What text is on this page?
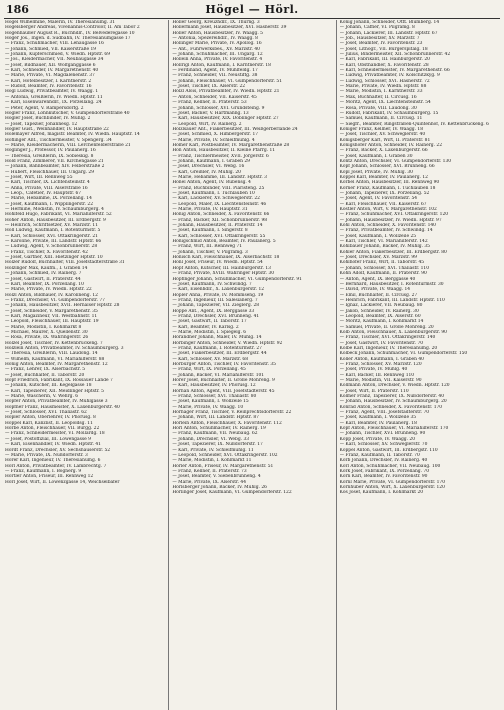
186	Högel — Hörl.

Högel Wilhelmine, Malerin, IV. Theresianumg. 31

Högelsberger Andreas, Vivenannis-Controlor, II. Am Tabor 2

Högenhaußer August R., Buchhdlr., IV. Belvederegasse 10

Höger Jos., Ingen. d. Südbahn, IV. Theresianumgasse 17

— Franz, Schuhmacher, VIII. Lenaugasse 16

— Johann, Schmied, VII. Kaiserstraße 19

— Johann, Kupferschmied, V. Wiedn. Hptstr. 69

— Jos., Kleidermacher, VII. Neubaugasse 34

— Josef, Bildhauer, XII. Wolfganggasse 6

— Karl, Schneider, IV. Margarethenstr. 40

— Marie, Private, VI. Magdalenenstr. 37

— Karl, Hotelbesitzer, I. Kärntnerstr. 2

— Rudolf, Beamter, IV. Favoritenstr. 16

Högl Ludwig, Privatbeamter, IV. Waagg. 1

— Antonia, Greißlerin, IV. Wiedn. Hptstr. 11

— Karl, Eisenwarenhdlr., IX. Porzellang. 24

— Peter, Agent, V. Rampersdorfg. 2

Högler Franz, Lohnkutscher, V. Gumpendorferstraße 40

Högler Josef, Buchbinder, IV. Mühlg. 2

— Josef, Tapezier, Johannesg. 12

Högler Gust., Weinhändler, IV. Hauptstraße 22

Hölemayer Alfred, magistr. Beamter, IV. Wiedn. Hauptstr. 14

Höflinger Ant., Tischlermeister, V. Spengerg. 34

— Marie, Kleidermacherin, VIII. Lerchenfelderstraße 21

Höglinger J., Professor, IV. Paulanerg. 16

— Theresia, Greißlerin, IX. Sobieskig. 8

Hold Franz, Zimmerer, VII. Kirchengasse 21

— Johann, Bahnbeamter, XIV. Felberstraße 2

— Hubert, Fleischhauer, III. Ungarg. 29

— Josef, Wirt, III. Rennweg 55

— Karl, Tischler, IX. Lichtensteinstr. 4

— Anna, Private, VIII. Alserstraße 16

— Leop., Cafetier, IV. Hauptstr. 67

— Marie, Hebamme, IX. Porzellang. 14

— Josef, Kaufmann, I. Wipplingerstr. 22

— Hermine, Modistin, IV. Schaumburgerg. 4

Hohlfeld Hugo, Fabrikant, VI. Mariahilferstr. 52

Hoher Anton, Hausbesitzer, III. Erdbergstr. 9

— Heinrich, Schriftsetzer, XV. Märzstr. 11

Holl Ludwig, Kaufmann, I. Rotenturmstr. 5

— Karl, Schlosser, XVI. Ottakringerstr. 21

— Karoline, Private, III. Landstr. Hptstr. 66

— Ludwig, Agent, V. Schönbrunnerstr. 28

— Franz, Tischler, X. Favoritenstr. 42

— Josef, Gärtner, XIII. Hietzinger Hptstr. 10

Holzer Rudolf, Buchhalter, VIII. Josefstädterstraße 31

Holzinger Max, Kaufm., I. Graben 14

— Johann, Schmied, IV. Rainerg. 7

— Josef, Gastwirt, II. Praterstr. 44

— Karl, Beamter, IX. Porzellang. 10

— Marie, Private, IV. Wiedn. Hptstr. 22

Hölzl Anton, Bildhauer, IV. Karolineng. 12

— Franz, Drechsler, VI. Gumpendorferstr. 77

— Johann, Hausbesitzer, XVII. Hernalser Hptstr. 28

— Josef, Schneider, V. Margarethenstr. 35

— Karl, Magazineur, VII. Westbahnstr. 11

— Leopold, Fleischhauer, III. Hauptstr. 19

— Marie, Modistin, I. Kohlmarkt 8

— Michael, Maurer, X. Quellenstr. 30

— Rosa, Private, IX. Währingerstr. 26

Hölzel Josef, Tischler, IV. Kettenbrückeng. 7

Hölzlein Anton, Privatbeamter, IV. Schaumburgerg. 3

— Theresia, Greißlerin, VIII. Laudong. 14

— Wilhelm, Kaufmann, VI. Mariahilferstr. 88

Hönig Anton, Beamter, IV. Margarethenstr. 12

— Franz, Lehrer, IX. Alserbachstr. 5

— Josef, Buchhalter, II. Taborstr. 20

Hopf Friedrich, Fabrikant, IX. Rossauer Lände 7

— Johann, Kutscher, III. Kegelgasse 18

— Karl, Tapezierer, XII. Meidlinger Hptstr. 5

— Marie, Wäscherin, V. Wehrg. 6

Höpfer Anton, Privatbeamter, IV. Mühlgasse 3

Hopfner Franz, Hausmeister, X. Laxenburgerstr. 40

— Josef, Schlosser, XVI. Thaliastr. 62

Höpler Anton, Oberlehrer, IV. Phorusg. 8

Höppel Karl, Kanzlist, II. Leopoldsg. 11

Hörbe Anton, Fleischhauer, VII. Burgg. 22

— Franz, Schneidermeister, VI. Mollardg. 18

— Josef, Postoffizial, III. Löwengasse 9

— Karl, Eisenhändler, IV. Wiedn. Hptstr. 41

Hördt Franz, Drechsler, XV. Sechshauserstr. 52

— Marie, Private, IX. Nußdorferstr. 3

Hörer Karl, Ingenieur, IV. Theresianumg. 6

Hörl Anton, Privatbeamter, IV. Lambrechtg. 7

— Franz, Kaufmann, I. Bognerg. 9

Hörtler Anton, Friseur, III. Rennweg 12

Hörl Josef, Wirt, II. Löwenzgasse 14, Weichselbäfer

Höller Georg, Kreuzhdlr., IX. Thurng. 3

Höllermann Josef, Hausbesitzer, XVI. Hasnerstr. 39

Holler Anton, Hausbesitzer, IV. Waagg. 5

— Antonia, Spezereihdlr., IV. Waagg. 8

Höllinger Marie, Private, IV. Apollog. 16

— Ant., Fuhrwerksbes., XV. Märzstr. 40

— Johann, Schuhmacher, III. Ungarg. 12

Höllein Anna, Private, IV. Favoritenstr. 4

Höllrigl Anton, Kaufmann, I. Kärntnerstr. 18

— Ferdinand, Agent, IV. Mühlfeldg. 17

— Franz, Schneider, VII. Neustiftg. 38

— Johann, Fleischhauer, VI. Gumpendorferstr. 51

— Josef, Tischler, IX. Alserstr. 22

Hölzl Alois, Privatbeamter, IV. Wiedn. Hptstr. 21

— Anton, Schneider, VII. Kaiserstr. 45

— Franz, Kellner, II. Praterstr. 53

— Johann, Schlosser, XVI. Grundsteing. 9

— Josef, Bäcker, V. Hartmanng. 13

— Karl, Hausbesitzer, XIX. Döblinger Hptstr. 27

— Leopold, Wirt, IV. Rainerg. 2

Hölzlsauer Ant., Fiakerbesitzer, III. Weißgerberlände 24

— Josef, Schmied, X. Himbergerstr. 17

— Marie, Private, IV. Schleifmühlg. 4

Hömer Karl, Postbeamter, IV. Margarethenstraße 28

Hön Anton, Hausbesitzer, II. Kleine Pfarrg. 11

— Franz, Tischlermeister, XVII. Jörgerstr. 6

— Johann, Kaufmann, I. Graben 29

— Josef, Drechsler, VI. Webg. 16

— Karl, Greißler, IV. Mühlg. 20

— Marie, Hebamme, III. Landstr. Hptstr. 3

Hönel Anton, Agent, IV. Rubensg. 4

— Franz, Buchbinder, VIII. Piaristeng. 25

— Josef, Kaufmann, I. Tuchlauben 10

— Karl, Lackierer, XV. Schweglerstr. 22

— Leopold, Maler, IX. Liechtensteinstr. 46

— Marie, Private, IV. Hauptstr. 31

Hönig Anton, Schneider, X. Favoritenstr. 66

— Franz, Bäcker, XII. Schönbrunnerstr. 98

— Johann, Hausbesitzer, II. Praterstr. 14

— Josef, Kaufmann, I. Singerstr. 8

— Karl, Schlosser, XVI. Ottakringerstr. 55

Hönigschmid Anton, Beamter, IV. Paulanerg. 5

— Franz, Wirt, III. Rennweg 71

— Johann, Tischler, V. Pilgramg. 3

Hönisch Karl, Fleischhauer, IX. Alserbachstr. 18

Hönl Josef, Friseur, IV. Wiedn. Hptstr. 54

Höpf Anton, Kutscher, III. Hainburgerstr. 13

— Franz, Private, XVIII. Währinger Hptstr. 30

Höpfinger Johann, Schuhmacher, VI. Gumpendorferstr. 91

— Josef, Kaufmann, IV. Schwindg. 7

— Karl, Eisenhdlr., X. Laxenburgerstr. 12

Höpler Anna, Private, IV. Mommseng. 19

— Franz, Ingenieur, III. Salesianerg. 7

— Johann, Tapezierer, VII. Zieglerg. 28

Hoppe Ant., Agent, IX. Berggasse 33

— Franz, Drechsler, XVI. Brunneng. 41

— Josef, Gastwirt, II. Taborstr. 17

— Karl, Beamter, IV. Karlsg. 2

— Marie, Modistin, I. Spiegelg. 6

Hörandner Johann, Maler, IV. Mühlg. 14

Hörbinger Anton, Schneider, V. Wiedn. Hptstr. 92

— Franz, Kaufmann, I. Rotenturmstr. 27

— Josef, Fiakerbesitzer, III. Erdbergstr. 44

— Karl, Schlosser, XV. Märzstr. 68

Hörburger Anton, Tischler, IV. Favoritenstr. 35

— Franz, Wirt, IX. Porzellang. 45

— Johann, Bäcker, VI. Mariahilferstr. 101

Hörer Josef, Buchhalter, II. Große Mohreng. 9

— Karl, Hausbesitzer, IV. Phorusg. 12

Hörhan Anton, Agent, VIII. Josefstädterstr. 45

— Franz, Schlosser, XVI. Thaliastr. 80

— Josef, Kaufmann, I. Wollzeile 15

— Marie, Private, IV. Waagg. 10

Hörhager Franz, Tischler, V. Reinprechtsdorferstr. 22

— Johann, Wirt, III. Landstr. Hptstr. 87

Hörlein Anton, Fleischhauer, X. Favoritenstr. 112

Hörl Anton, Schuhmacher, IV. Rainerg. 19

— Franz, Kaufmann, VII. Neubaug. 62

— Johann, Drechsler, VI. Webg. 33

— Josef, Tapezierer, IX. Nußdorferstr. 17

— Karl, Private, IV. Schleifmühlg. 11

— Leopold, Schneider, XVI. Ottakringerstr. 102

— Marie, Modistin, I. Kohlmarkt 11

Hörler Anton, Friseur, IV. Margarethenstr. 51

— Franz, Kellner, II. Praterstr. 73

— Josef, Beamter, V. Siebenbrunneng. 4

— Marie, Private, IX. Alserstr. 44

Hörlsberger Johann, Bäcker, IV. Mühlg. 26

Hörlinger Josef, Kaufmann, VI. Gumpendorferstr. 122

König Johann, Schneider, Ottt. Blumberg. 14

— Johann, Caffier, VI. Pilgramg. 8

— Johann, Lackierer, III. Landstr. Hptstr. 67

— Job., Hausbesitzer, XV. Märzstr. 7

— Josef, Beamter, IV. Favoritenstr. 23

— Josef, Lithogr., VII. Bürgerspitalg. 18

— Julius, Bindermeister, XII. Schönbrunnerstr. 42

— Karl, Fabrikant, III. Hainburgerstr. 20

— Karl, Obsthändler, X. Favoritenstr. 28

— Karl, Schneidermeister, IV. Margarethenstr. 66

— Ludwig, Privatbeamter, IV. Kolschitzkyg. 9

— Ludwig, Schlosser, XVI. Hasnerstr. 72

— Marie, Private, IV. Wiedn. Hptstr. 88

— Marie, Modistin, I. Kärntnerstr. 33

— Max, Buchhalter, II. Circusg. 16

— Moritz, Agent, IX. Liechtensteinstr. 54

— Rosa, Private, VIII. Laudong. 30

— Rudolf, Fabrikant, IV. Schaumburgerg. 15

— Samuel, Kaufmann, II. Circusg. 11

— Siegfr., Beamter, Ringstraßen-Quintenhof, IV. Kettenbrückeng. 6

Königer Franz, Kellner, IV. Waagg. 18

— Josef, Tischler, XV. Schweglerstr. 40

Königsberger Karl, Wirt, II. Praterstr. 81

Königshofer Anton, Schneider, IV. Rainerg. 22

— Franz, Bäcker, X. Laxenburgerstr. 66

— Josef, Kaufmann, I. Graben 30

Köntz Anton, Drechsler, VI. Gumpendorferstr. 130

Köpf Johann, Schlosser, XVI. Brunneng. 66

Köpl Josef, Private, IV. Mühlg. 30

Köppel Karl, Beamter, IV. Paulanerg. 12

Körbel Anton, Hausbesitzer, III. Rennweg 90

Körner Franz, Kaufmann, I. Tuchlauben 18

— Johann, Tapezierer, IX. Porzellang. 52

— Josef, Agent, IV. Favoritenstr. 54

— Karl, Fleischhauer, VII. Kaiserstr. 67

Köstler Anton, Wirt, V. Margarethenstr. 102

— Franz, Schuhmacher, XVI. Ottakringerstr. 120

— Johann, Hausbesitzer, IV. Wiedn. Hptstr. 97

Kohl Anton, Schneider, X. Favoritenstr. 140

— Franz, Privatbeamter, IV. Schwindg. 14

— Josef, Kaufmann, I. Wollzeile 25

— Karl, Tischler, VI. Mariahilferstr. 142

Kohlbauer Johann, Bäcker, IV. Mühlg. 35

Kohler Anton, Fiakerbesitzer, III. Erdbergstr. 80

— Josef, Drechsler, XV. Märzstr. 99

Kohlhofer Franz, Wirt, II. Taborstr. 45

— Johann, Schlosser, XVI. Thaliastr. 110

Kohn Adolf, Kaufmann, II. Praterstr. 90

— Anton, Agent, IX. Berggasse 40

— Bernhard, Hausbesitzer, I. Rotenturmstr. 30

— David, Private, IV. Waagg. 14

— Emil, Buchhalter, II. Circusg. 27

— Heinrich, Fabrikant, III. Landstr. Hptstr. 110

— Ignaz, Lackierer, VII. Neubaug. 80

— Jakob, Schneider, IV. Rainerg. 30

— Leopold, Beamter, IX. Alserstr. 60

— Moritz, Kaufmann, I. Kohlmarkt 14

— Samuel, Private, II. Große Mohreng. 20

Kolb Anton, Fleischhauer, X. Laxenburgerstr. 90

— Franz, Tischler, XVI. Ottakringerstr. 140

— Josef, Gastwirt, IV. Favoritenstr. 70

Kolbe Karl, Ingenieur, IV. Theresianumg. 20

Kolbeck Johann, Schuhmacher, VI. Gumpendorferstr. 150

Koller Anton, Kaufmann, I. Graben 40

— Franz, Schlosser, XV. Märzstr. 120

— Josef, Private, IV. Mühlg. 40

— Karl, Bäcker, III. Rennweg 110

— Marie, Modistin, VII. Kaiserstr. 90

Kollmann Anton, Drechsler, V. Wiedn. Hptstr. 120

— Josef, Wirt, II. Praterstr. 110

Kolmer Franz, Tapezierer, IX. Nußdorferstr. 40

— Johann, Hausbesitzer, IV. Schaumburgerg. 20

Konrad Anton, Schneider, X. Favoritenstr. 170

— Franz, Agent, VIII. Josefstädterstr. 70

— Josef, Kaufmann, I. Wollzeile 35

— Karl, Beamter, IV. Paulanerg. 18

Kopf Anton, Fleischhauer, VI. Mariahilferstr. 170

— Johann, Tischler, XVI. Brunneng. 90

Kopp Josef, Private, IV. Waagg. 20

— Karl, Schlosser, XV. Schweglerstr. 70

Koppel Anton, Gastwirt, III. Erdbergstr. 110

— Franz, Kaufmann, II. Taborstr. 70

Korb Johann, Drechsler, IV. Rainerg. 40

Körl Anton, Schuhmacher, VII. Neubaug. 100

Kork Josef, Fabrikant, IX. Porzellang. 70

Korn Karl, Beamter, IV. Favoritenstr. 90

Körnl Marie, Private, VI. Gumpendorferstr. 170

Kornhuber Anton, Wirt, X. Laxenburgerstr. 120

Kos Josef, Kaufmann, I. Kohlmarkt 20
